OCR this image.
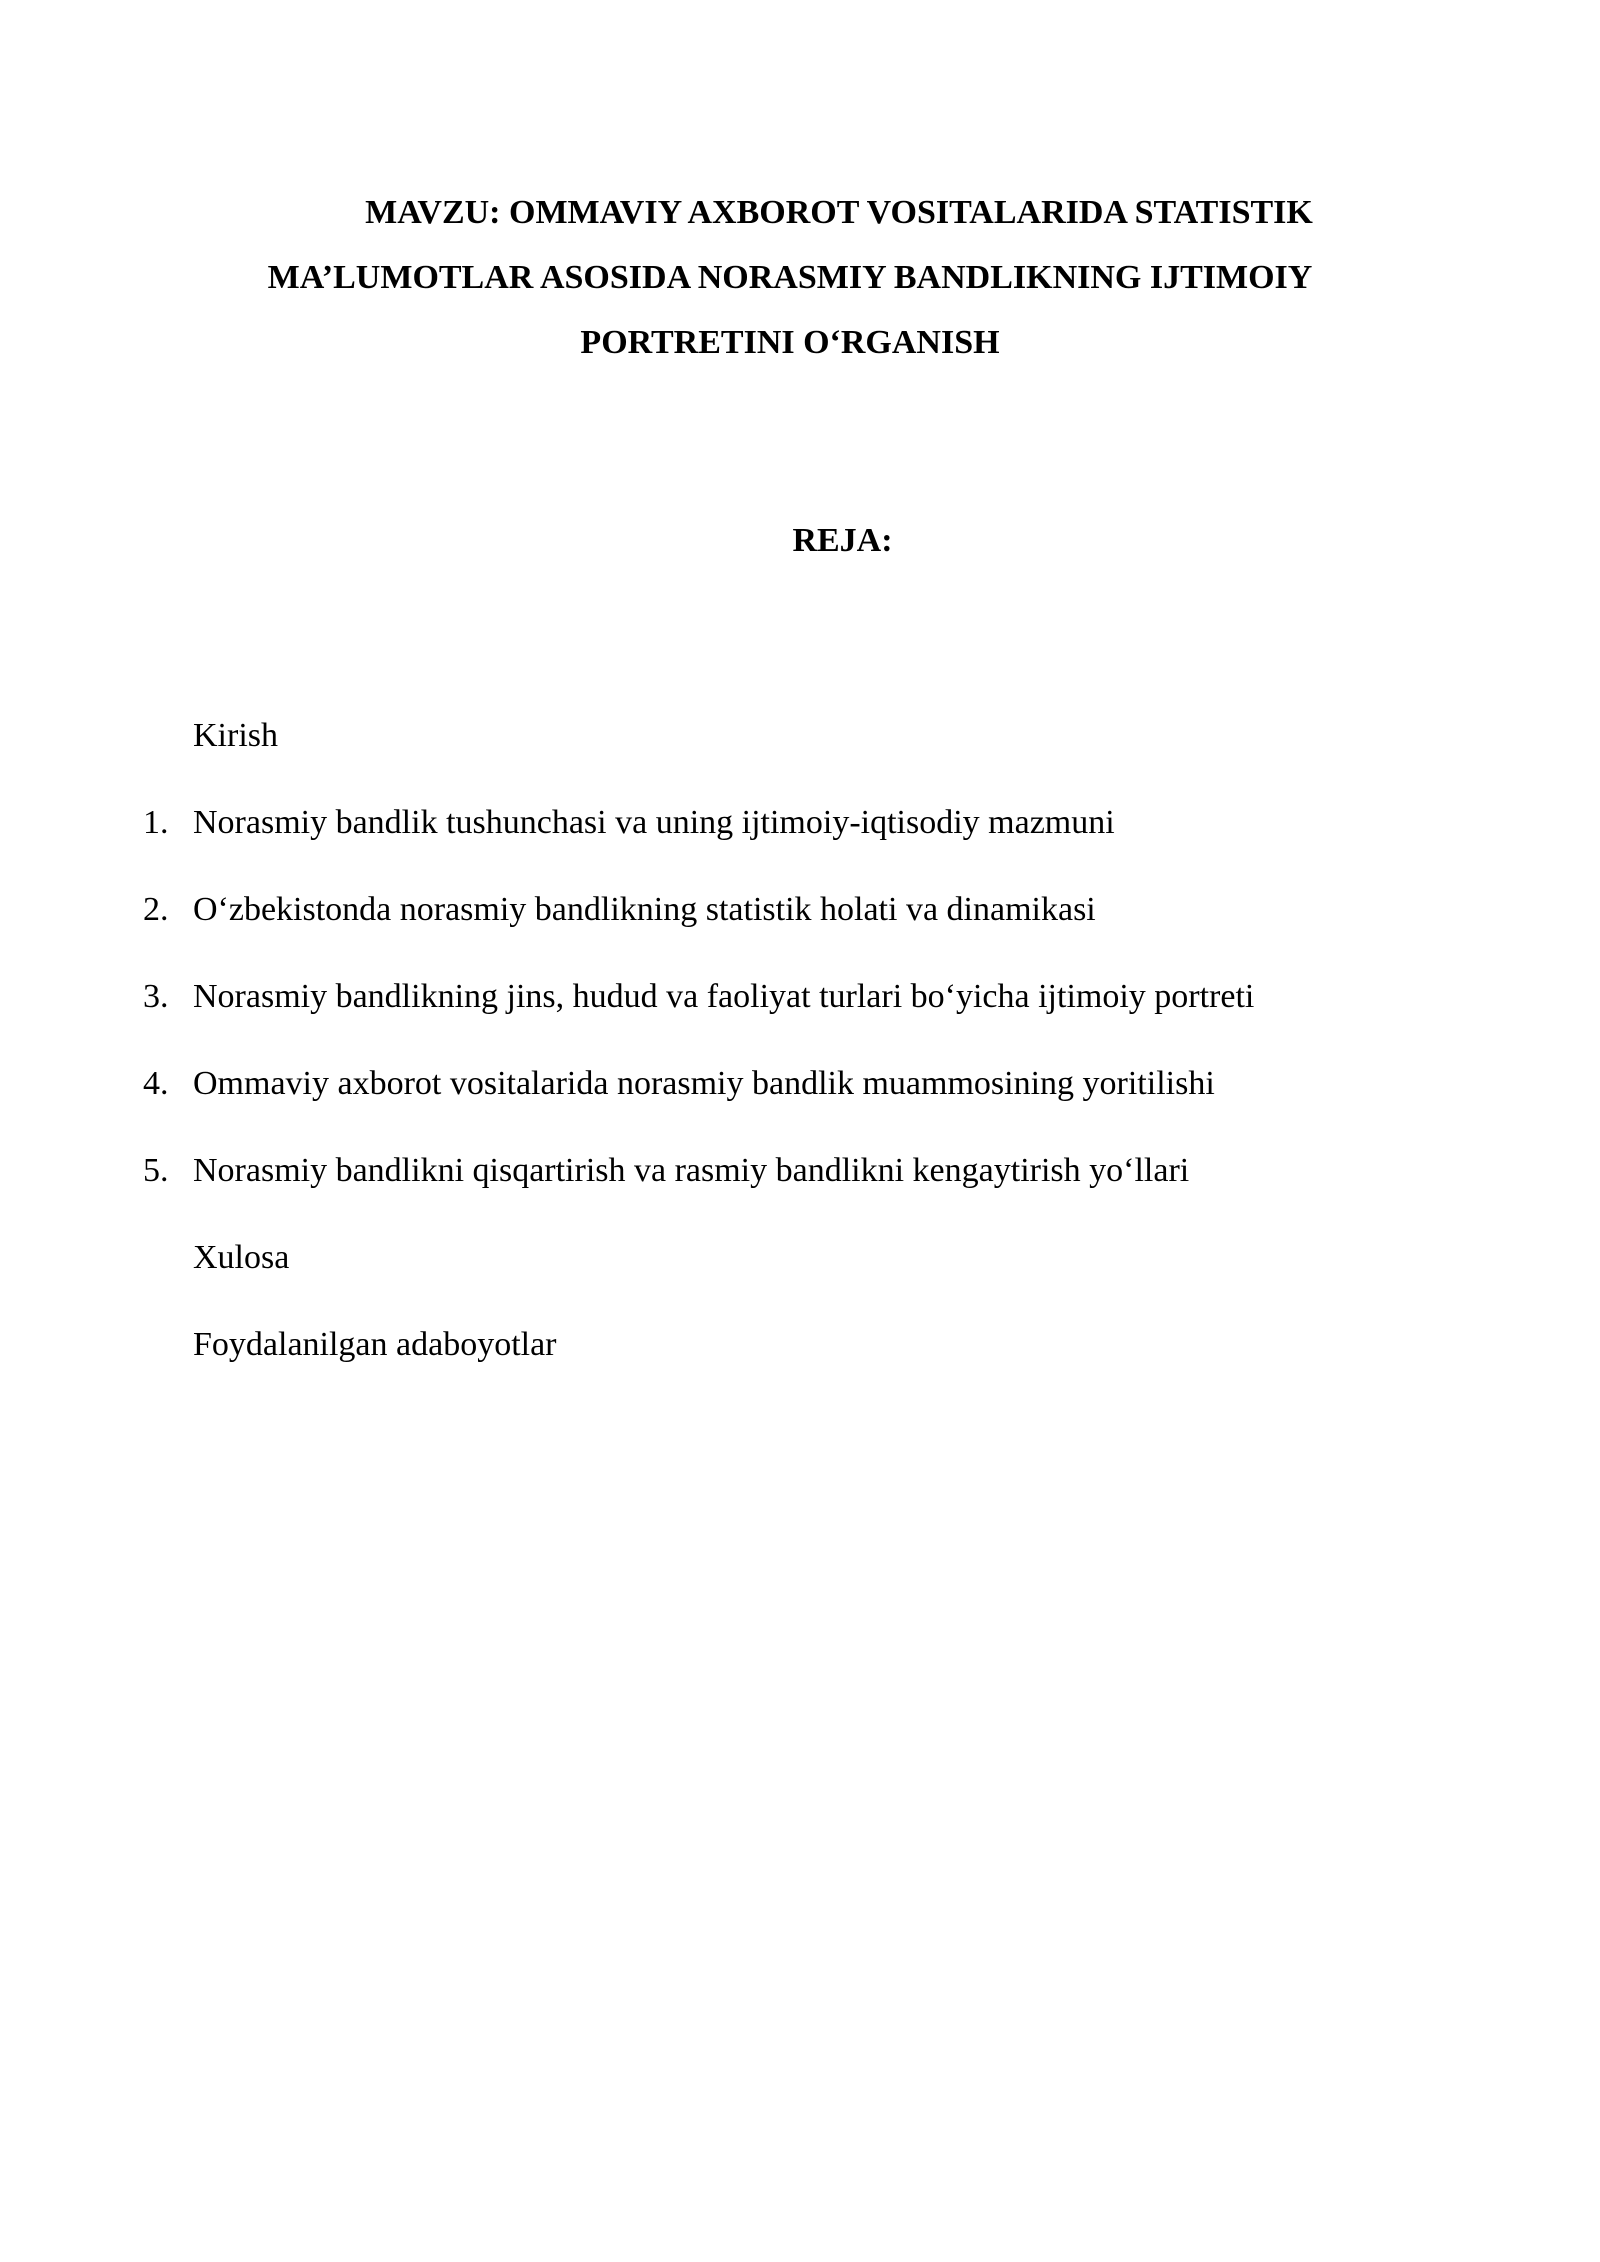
MAVZU: OMMAVIY AXBOROT VOSITALARIDA STATISTIK
MA’LUMOTLAR ASOSIDA NORASMIY BANDLIKNING IJTIMOIY
PORTRETINI O‘RGANISH
REJA:
Kirish
1. Norasmiy bandlik tushunchasi va uning ijtimoiy-iqtisodiy mazmuni
2. O‘zbekistonda norasmiy bandlikning statistik holati va dinamikasi
3. Norasmiy bandlikning jins, hudud va faoliyat turlari bo‘yicha ijtimoiy portreti
4. Ommaviy axborot vositalarida norasmiy bandlik muammosining yoritilishi
5. Norasmiy bandlikni qisqartirish va rasmiy bandlikni kengaytirish yo‘llari
Xulosa
Foydalanilgan adaboyotlar
